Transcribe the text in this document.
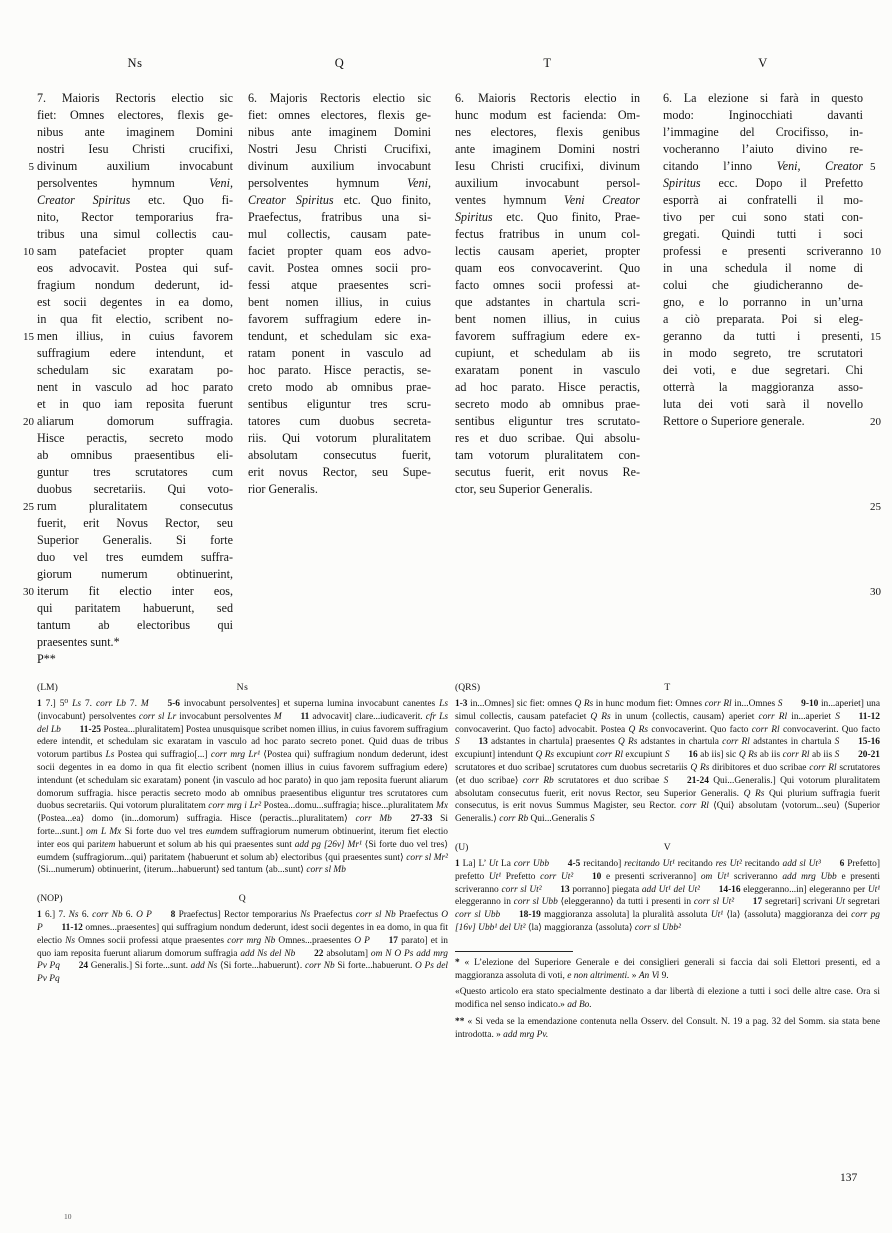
Ns	Q	T	V
5
10
15
20
25
30
7. Maioris Rectoris electio sic
fiet: Omnes electores, flexis ge-
nibus ante imaginem Domini
nostri Iesu Christi crucifixi,
divinum auxilium invocabunt
persolventes hymnum Veni,
Creator Spiritus etc. Quo fi-
nito, Rector temporarius fra-
tribus una simul collectis cau-
sam patefaciet propter quam
eos advocavit. Postea qui suf-
fragium nondum dederunt, id-
est socii degentes in ea domo,
in qua fit electio, scribent no-
men illius, in cuius favorem
suffragium edere intendunt, et
schedulam sic exaratam po-
nent in vasculo ad hoc parato
et in quo iam reposita fuerunt
aliarum domorum suffragia.
Hisce peractis, secreto modo
ab omnibus praesentibus eli-
guntur tres scrutatores cum
duobus secretariis. Qui voto-
rum pluralitatem consecutus
fuerit, erit Novus Rector, seu
Superior Generalis. Si forte
duo vel tres eumdem suffra-
giorum numerum obtinuerint,
iterum fit electio inter eos,
qui paritatem habuerunt, sed
tantum ab electoribus qui
praesentes sunt.*
P**
6. Majoris Rectoris electio sic
fiet: omnes electores, flexis ge-
nibus ante imaginem Domini
Nostri Jesu Christi Crucifixi,
divinum auxilium invocabunt
persolventes hymnum Veni,
Creator Spiritus etc. Quo finito,
Praefectus, fratribus una si-
mul collectis, causam pate-
faciet propter quam eos advo-
cavit. Postea omnes socii pro-
fessi atque praesentes scri-
bent nomen illius, in cuius
favorem suffragium edere in-
tendunt, et schedulam sic exa-
ratam ponent in vasculo ad
hoc parato. Hisce peractis, se-
creto modo ab omnibus prae-
sentibus eliguntur tres scru-
tatores cum duobus secreta-
riis. Qui votorum pluralitatem
absolutam consecutus fuerit,
erit novus Rector, seu Supe-
rior Generalis.
6. Maioris Rectoris electio in
hunc modum est facienda: Om-
nes electores, flexis genibus
ante imaginem Domini nostri
Iesu Christi crucifixi, divinum
auxilium invocabunt persol-
ventes hymnum Veni Creator
Spiritus etc. Quo finito, Prae-
fectus fratribus in unum col-
lectis causam aperiet, propter
quam eos convocaverint. Quo
facto omnes socii professi at-
que adstantes in chartula scri-
bent nomen illius, in cuius
favorem suffragium edere ex-
cupiunt, et schedulam ab iis
exaratam ponent in vasculo
ad hoc parato. Hisce peractis,
secreto modo ab omnibus prae-
sentibus eliguntur tres scrutato-
res et duo scribae. Qui absolu-
tam votorum pluralitatem con-
secutus fuerit, erit novus Re-
ctor, seu Superior Generalis.
6. La elezione si farà in questo
modo: Inginocchiati davanti
l’immagine del Crocifisso, in-
vocheranno l’aiuto divino re-
citando l’inno Veni, Creator
Spiritus ecc. Dopo il Prefetto
esporrà ai confratelli il mo-
tivo per cui sono stati con-
gregati. Quindi tutti i soci
professi e presenti scriveranno
in una schedula il nome di
colui che giudicheranno de-
gno, e lo porranno in un’urna
a ciò preparata. Poi si eleg-
geranno da tutti i presenti,
in modo segreto, tre scrutatori
dei voti, e due segretari. Chi
otterrà la maggioranza asso-
luta dei voti sarà il novello
Rettore o Superiore generale.
5
10
15
20
25
30
(LM)	Ns

1 7.] 5⁰ Ls 7. corr Lb 7. M   5-6 invocabunt persolventes] et superna lumina invocabunt canentes Ls ⟨invocabunt⟩ persolventes corr sl Lr invocabunt persolventes M   11 advocavit] clare...iudicaverit. cfr Ls del Lb   11-25 Postea...pluralitatem] Postea unusquisque scribet nomen illius, in cuius favorem suffragium edere intendit, et schedulam sic exaratam in vasculo ad hoc parato secreto ponet. Quid duas de tribus votorum partibus Ls Postea qui suffragio[...] corr mrg Lr¹ ⟨Postea qui⟩ suffragium nondum dederunt, idest socii degentes in ea domo in qua fit electio scribent ⟨nomen illius in cuius favorem suffragium edere⟩ intendunt ⟨et schedulam sic exaratam⟩ ponent ⟨in vasculo ad hoc parato⟩ in quo jam reposita fuerunt aliarum domorum suffragia. hisce peractis secreto modo ab omnibus praesentibus eliguntur tres scrutatores cum duobus secretariis. Qui votorum pluralitatem corr mrg i Lr² Postea...domu...suffragia; hisce...pluralitatem Mx ⟨Postea...ea⟩ domo ⟨in...domorum⟩ suffragia. Hisce ⟨peractis...pluralitatem⟩ corr Mb   27-33 Si forte...sunt.] om L Mx Si forte duo vel tres eumdem suffragiorum numerum obtinuerint, iterum fiet electio inter eos qui paritem habuerunt et solum ab his qui praesentes sunt add pg [26v] Mr¹ ⟨Si forte duo vel tres⟩ eumdem ⟨suffragiorum...qui⟩ paritatem ⟨habuerunt et solum ab⟩ electoribus ⟨qui praesentes sunt⟩ corr sl Mr² ⟨Si...numerum⟩ obtinuerint, ⟨iterum...habuerunt⟩ sed tantum ⟨ab...sunt⟩ corr sl Mb

(NOP)	Q

1 6.] 7. Ns 6. corr Nb 6. O P   8 Praefectus] Rector temporarius Ns Praefectus corr sl Nb Praefectus O P   11-12 omnes...praesentes] qui suffragium nondum dederunt, idest socii degentes in ea domo, in qua fit electio Ns Omnes socii professi atque praesentes corr mrg Nb Omnes...praesentes O P   17 parato] et in quo iam reposita fuerunt aliarum domorum suffragia add Ns del Nb   22 absolutam] om N O Ps add mrg Pv Pq   24 Generalis.] Si forte...sunt. add Ns ⟨Si forte...habuerunt⟩. corr Nb Si forte...habuerunt. O Ps del Pv Pq

(QRS)	T

1-3 in...Omnes] sic fiet: omnes Q Rs in hunc modum fiet: Omnes corr Rl in...Omnes S   9-10 in...aperiet] una simul collectis, causam patefaciet Q Rs in unum ⟨collectis, causam⟩ aperiet corr Rl in...aperiet S   11-12 convocaverint. Quo facto] advocabit. Postea Q Rs convocaverint. Quo facto corr Rl convocaverint. Quo facto S   13 adstantes in chartula] praesentes Q Rs adstantes in chartula corr Rl adstantes in chartula S   15-16 excupiunt] intendunt Q Rs excupiunt corr Rl excupiunt S   16 ab iis] sic Q Rs ab iis corr Rl ab iis S   20-21 scrutatores et duo scribae] scrutatores cum duobus secretariis Q Rs diribitores et duo scribae corr Rl scrutatores ⟨et duo scribae⟩ corr Rb scrutatores et duo scribae S   21-24 Qui...Generalis.] Qui votorum pluralitatem absolutam consecutus fuerit, erit novus Rector, seu Superior Generalis. Q Rs Qui plurium suffragia fuerit consecutus, is erit novus Summus Magister, seu Rector. corr Rl ⟨Qui⟩ absolutam ⟨votorum...seu⟩ ⟨Superior Generalis.⟩ corr Rb Qui...Generalis S

(U)	V

1 La] L’ Ut La corr Ubb   4-5 recitando] recitando Ut¹ recitando res Ut² recitando add sl Ut³   6 Prefetto] prefetto Ut¹ Prefetto corr Ut²   10 e presenti scriveranno] om Ut¹ scriveranno add mrg Ubb e presenti scriveranno corr sl Ut²   13 porranno] piegata add Ut¹ del Ut²   14-16 eleggeranno...in] elegeranno per Ut¹ eleggeranno in corr sl Ubb ⟨eleggeranno⟩ da tutti i presenti in corr sl Ut²   17 segretari] scrivani Ut segretari corr sl Ubb   18-19 maggioranza assoluta] la pluralità assoluta Ut¹ ⟨la⟩ ⟨assoluta⟩ maggioranza dei corr pg [16v] Ubb¹ del Ut² ⟨la⟩ maggioranza ⟨assoluta⟩ corr sl Ubb²

* « L’elezione del Superiore Generale e dei consiglieri generali si faccia dai soli Elettori presenti, ed a maggioranza assoluta di voti, e non altrimenti. » An Vi 9.

«Questo articolo era stato specialmente destinato a dar libertà di elezione a tutti i soci delle altre case. Ora si modifica nel senso indicato.» ad Bo.

** « Si veda se la emendazione contenuta nella Osserv. del Consult. N. 19 a pag. 32 del Somm. sia stata bene introdotta. » add mrg Pv.

137
10
